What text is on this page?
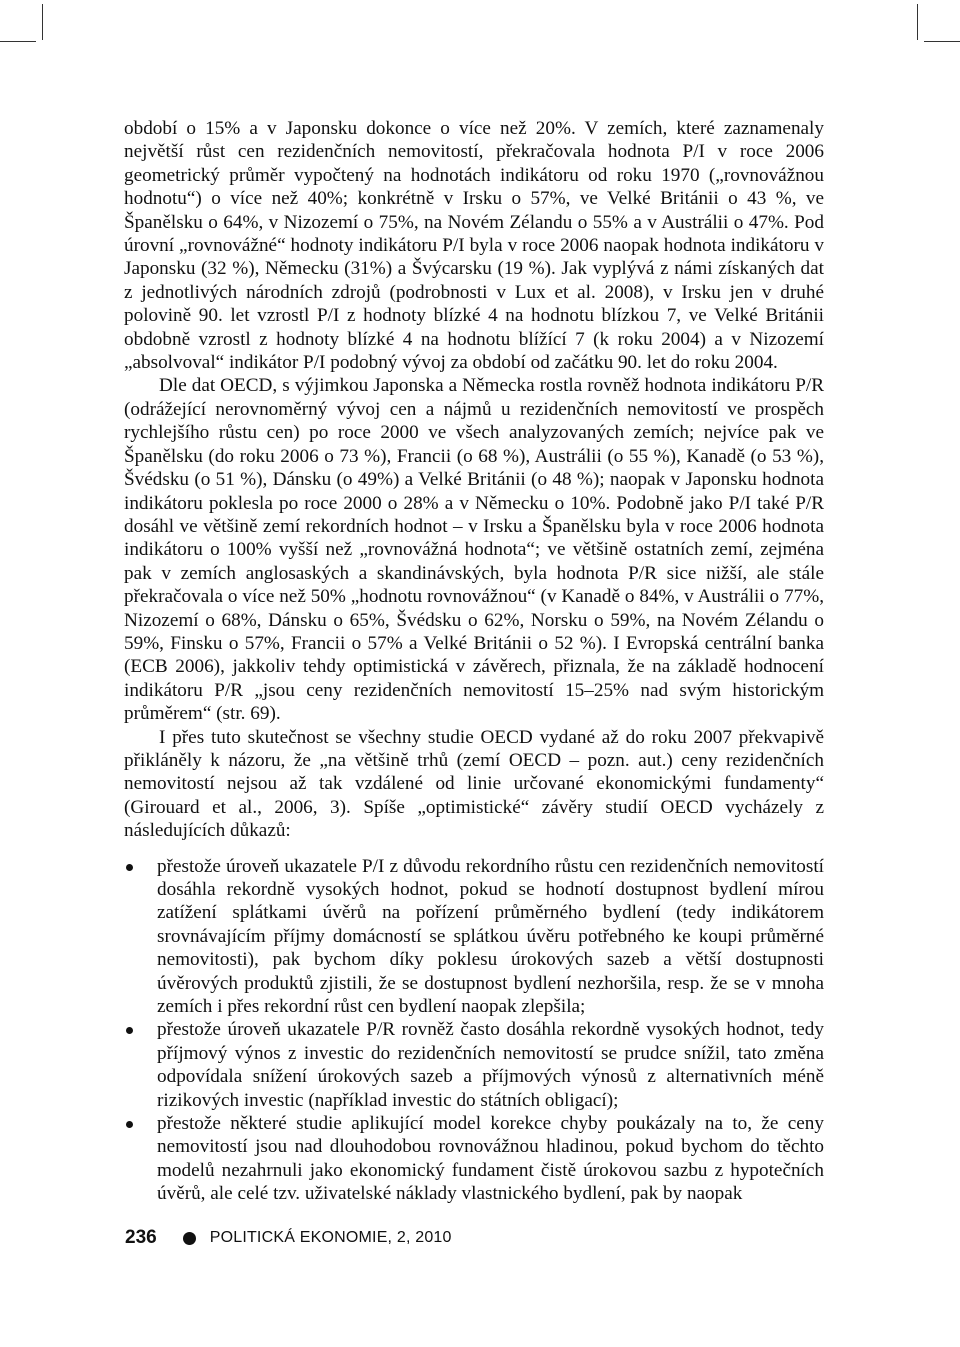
období o 15% a v Japonsku dokonce o více než 20%. V zemích, které zaznamenaly největší růst cen rezidenčních nemovitostí, překračovala hodnota P/I v roce 2006 geometrický průměr vypočtený na hodnotách indikátoru od roku 1970 („rovnovážnou hodnotu“) o více než 40%; konkrétně v Irsku o 57%, ve Velké Británii o 43 %, ve Španělsku o 64%, v Nizozemí o 75%, na Novém Zélandu o 55% a v Austrálii o 47%. Pod úrovní „rovnovážné“ hodnoty indikátoru P/I byla v roce 2006 naopak hodnota indikátoru v Japonsku (32 %), Německu (31%) a Švýcarsku (19 %). Jak vyplývá z námi získaných dat z jednotlivých národních zdrojů (podrobnosti v Lux et al. 2008), v Irsku jen v druhé polovině 90. let vzrostl P/I z hodnoty blízké 4 na hodnotu blízkou 7, ve Velké Británii obdobně vzrostl z hodnoty blízké 4 na hodnotu blížící 7 (k roku 2004) a v Nizozemí „absolvoval“ indikátor P/I podobný vývoj za období od začátku 90. let do roku 2004.

Dle dat OECD, s výjimkou Japonska a Německa rostla rovněž hodnota indikátoru P/R (odrážející nerovnoměrný vývoj cen a nájmů u rezidenčních nemovitostí ve prospěch rychlejšího růstu cen) po roce 2000 ve všech analyzovaných zemích; nejvíce pak ve Španělsku (do roku 2006 o 73 %), Francii (o 68 %), Austrálii (o 55 %), Kanadě (o 53 %), Švédsku (o 51 %), Dánsku (o 49%) a Velké Británii (o 48 %); naopak v Japonsku hodnota indikátoru poklesla po roce 2000 o 28% a v Německu o 10%. Podobně jako P/I také P/R dosáhl ve většině zemí rekordních hodnot – v Irsku a Španělsku byla v roce 2006 hodnota indikátoru o 100% vyšší než „rovnovážná hodnota“; ve většině ostatních zemí, zejména pak v zemích anglosaských a skandinávských, byla hodnota P/R sice nižší, ale stále překračovala o více než 50% „hodnotu rovnovážnou“ (v Kanadě o 84%, v Austrálii o 77%, Nizozemí o 68%, Dánsku o 65%, Švédsku o 62%, Norsku o 59%, na Novém Zélandu o 59%, Finsku o 57%, Francii o 57% a Velké Británii o 52 %). I Evropská centrální banka (ECB 2006), jakkoliv tehdy optimistická v závěrech, přiznala, že na základě hodnocení indikátoru P/R „jsou ceny rezidenčních nemovitostí 15–25% nad svým historickým průměrem“ (str. 69).

I přes tuto skutečnost se všechny studie OECD vydané až do roku 2007 překvapivě přikláněly k názoru, že „na většině trhů (zemí OECD – pozn. aut.) ceny rezidenčních nemovitostí nejsou až tak vzdálené od linie určované ekonomickými fundamenty“ (Girouard et al., 2006, 3). Spíše „optimistické“ závěry studií OECD vycházely z následujících důkazů:

přestože úroveň ukazatele P/I z důvodu rekordního růstu cen rezidenčních nemovitostí dosáhla rekordně vysokých hodnot, pokud se hodnotí dostupnost bydlení mírou zatížení splátkami úvěrů na pořízení průměrného bydlení (tedy indikátorem srovnávajícím příjmy domácností se splátkou úvěru potřebného ke koupi průměrné nemovitosti), pak bychom díky poklesu úrokových sazeb a větší dostupnosti úvěrových produktů zjistili, že se dostupnost bydlení nezhoršila, resp. že se v mnoha zemích i přes rekordní růst cen bydlení naopak zlepšila;
přestože úroveň ukazatele P/R rovněž často dosáhla rekordně vysokých hodnot, tedy příjmový výnos z investic do rezidenčních nemovitostí se prudce snížil, tato změna odpovídala snížení úrokových sazeb a příjmových výnosů z alternativních méně rizikových investic (například investic do státních obligací);
přestože některé studie aplikující model korekce chyby poukázaly na to, že ceny nemovitostí jsou nad dlouhodobou rovnovážnou hladinou, pokud bychom do těchto modelů nezahrnuli jako ekonomický fundament čistě úrokovou sazbu z hypotečních úvěrů, ale celé tzv. uživatelské náklady vlastnického bydlení, pak by naopak
236	POLITICKÁ EKONOMIE, 2, 2010
